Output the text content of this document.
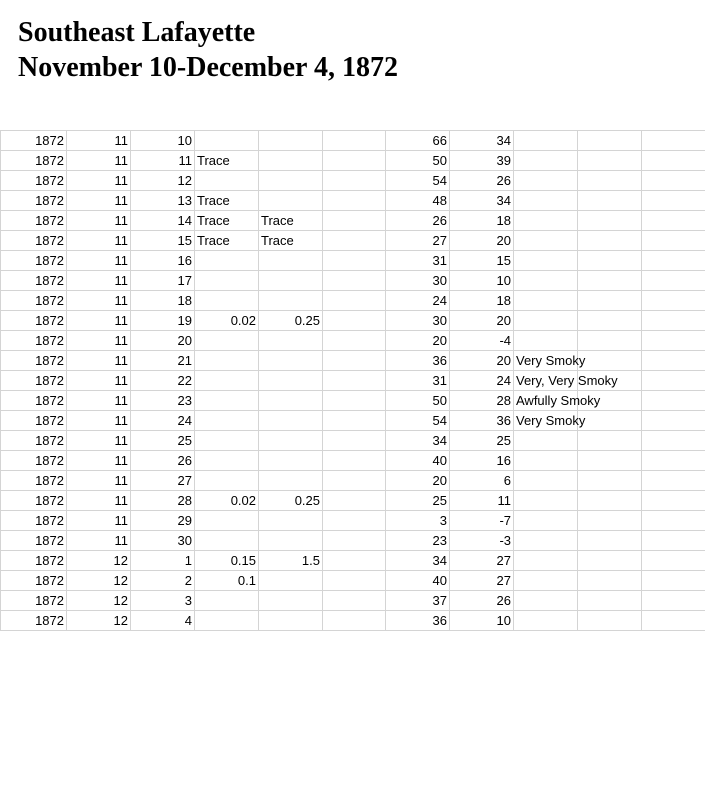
Southeast Lafayette
November 10-December 4, 1872
1872	11	10				66	34			
1872	11	11	Trace			50	39			
1872	11	12				54	26			
1872	11	13	Trace			48	34			
1872	11	14	Trace	Trace		26	18			
1872	11	15	Trace	Trace		27	20			
1872	11	16				31	15			
1872	11	17				30	10			
1872	11	18				24	18			
1872	11	19	0.02	0.25		30	20			
1872	11	20				20	-4			
1872	11	21				36	20	Very Smoky		
1872	11	22				31	24	Very, Very Smoky		
1872	11	23				50	28	Awfully Smoky		
1872	11	24				54	36	Very Smoky		
1872	11	25				34	25			
1872	11	26				40	16			
1872	11	27				20	6			
1872	11	28	0.02	0.25		25	11			
1872	11	29				3	-7			
1872	11	30				23	-3			
1872	12	1	0.15	1.5		34	27			
1872	12	2	0.1			40	27			
1872	12	3				37	26			
1872	12	4				36	10			
